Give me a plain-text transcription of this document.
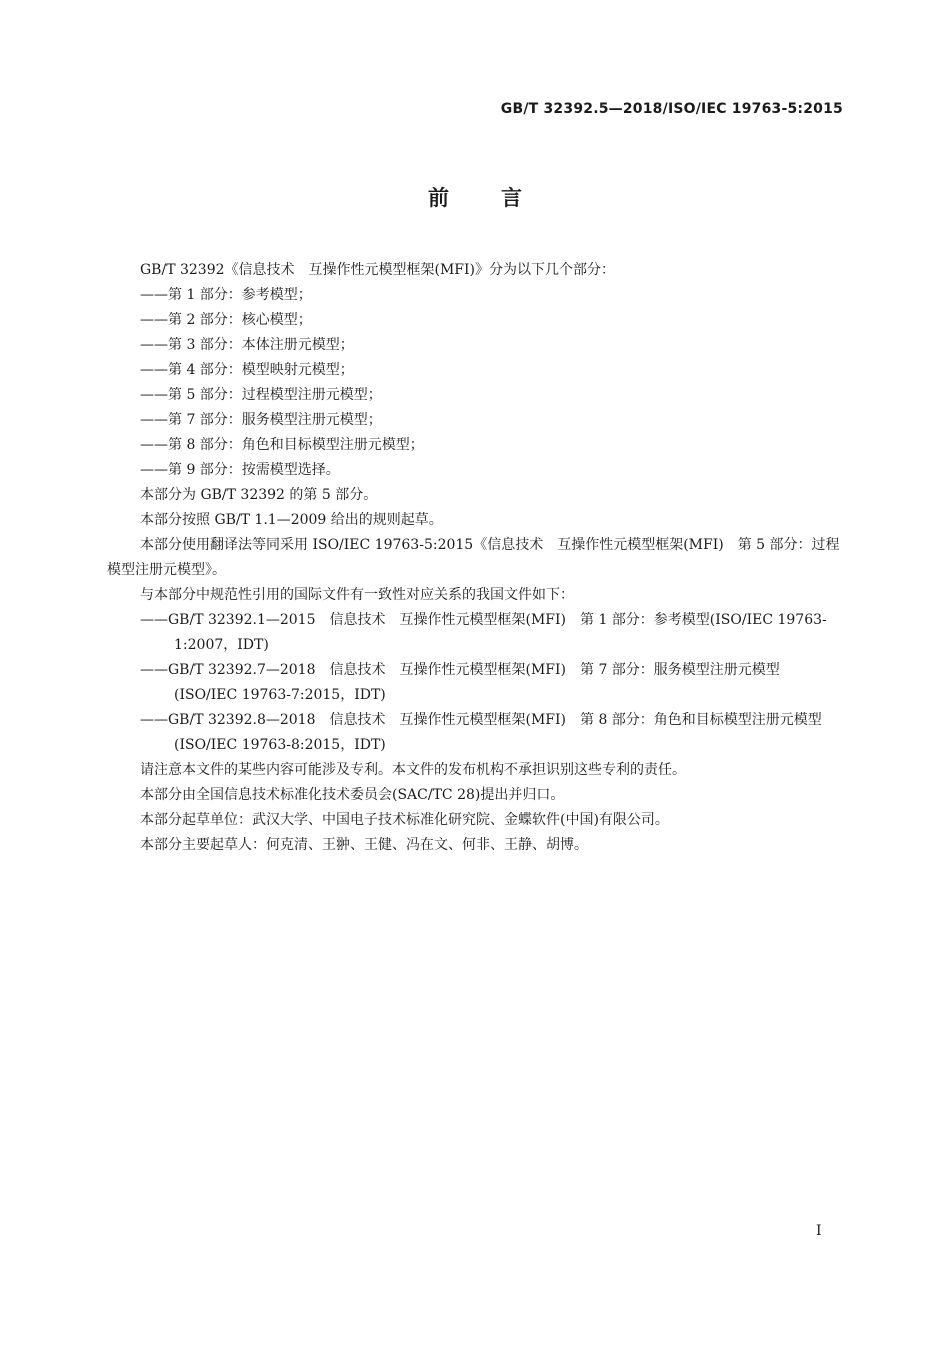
GB/T 32392.5—2018/ISO/IEC 19763-5:2015
前言

GB/T 32392《信息技术　互操作性元模型框架(MFI)》分为以下几个部分：

——第 1 部分：参考模型；

——第 2 部分：核心模型；

——第 3 部分：本体注册元模型；

——第 4 部分：模型映射元模型；

——第 5 部分：过程模型注册元模型；

——第 7 部分：服务模型注册元模型；

——第 8 部分：角色和目标模型注册元模型；

——第 9 部分：按需模型选择。

本部分为 GB/T 32392 的第 5 部分。

本部分按照 GB/T 1.1—2009 给出的规则起草。

本部分使用翻译法等同采用 ISO/IEC 19763-5:2015《信息技术　互操作性元模型框架(MFI)　第 5 部分：过程模型注册元模型》。

与本部分中规范性引用的国际文件有一致性对应关系的我国文件如下：

——GB/T 32392.1—2015　信息技术　互操作性元模型框架(MFI)　第 1 部分：参考模型(ISO/IEC 19763-1:2007，IDT)

——GB/T 32392.7—2018　信息技术　互操作性元模型框架(MFI)　第 7 部分：服务模型注册元模型(ISO/IEC 19763-7:2015，IDT)

——GB/T 32392.8—2018　信息技术　互操作性元模型框架(MFI)　第 8 部分：角色和目标模型注册元模型(ISO/IEC 19763-8:2015，IDT)

请注意本文件的某些内容可能涉及专利。本文件的发布机构不承担识别这些专利的责任。

本部分由全国信息技术标准化技术委员会(SAC/TC 28)提出并归口。

本部分起草单位：武汉大学、中国电子技术标准化研究院、金蝶软件(中国)有限公司。

本部分主要起草人：何克清、王翀、王健、冯在文、何非、王静、胡博。

I
